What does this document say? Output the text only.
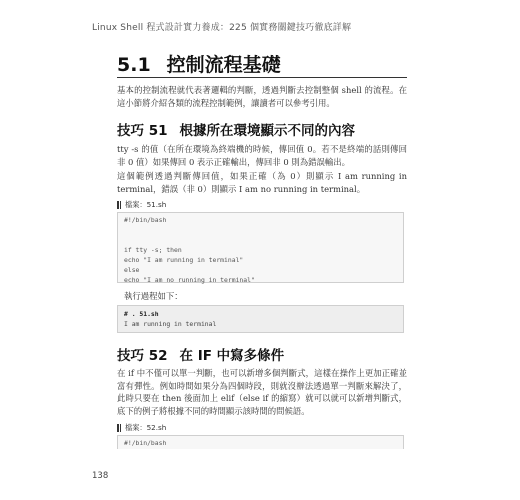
Linux Shell 程式設計實力養成：225 個實務關鍵技巧徹底詳解
5.1 控制流程基礎
基本的控制流程就代表著邏輯的判斷，透過判斷去控制整個 shell 的流程。在這小節將介紹各類的流程控制範例，讓讀者可以參考引用。
技巧 51 根據所在環境顯示不同的內容
tty -s 的值（在所在環境為終端機的時候，傳回值 0。若不是終端的話則傳回非 0 值）如果傳回 0 表示正確輸出，傳回非 0 則為錯誤輸出。
這個範例透過判斷傳回值，如果正確（為 0）則顯示 I am running in terminal，錯誤（非 0）則顯示 I am no running in terminal。
檔案：51.sh
#!/bin/bash
if tty -s; then
echo "I am running in terminal"
else
echo "I am no running in terminal"
執行過程如下：
# . 51.sh
I am running in terminal
技巧 52 在 IF 中寫多條件
在 if 中不僅可以單一判斷，也可以新增多個判斷式，這樣在操作上更加正確並富有彈性。例如時間如果分為四個時段，則就沒辦法透過單一判斷來解決了，此時只要在 then 後面加上 elif（else if 的縮寫）就可以就可以新增判斷式，底下的例子將根據不同的時間顯示該時間的問候語。
檔案：52.sh
#!/bin/bash
138
